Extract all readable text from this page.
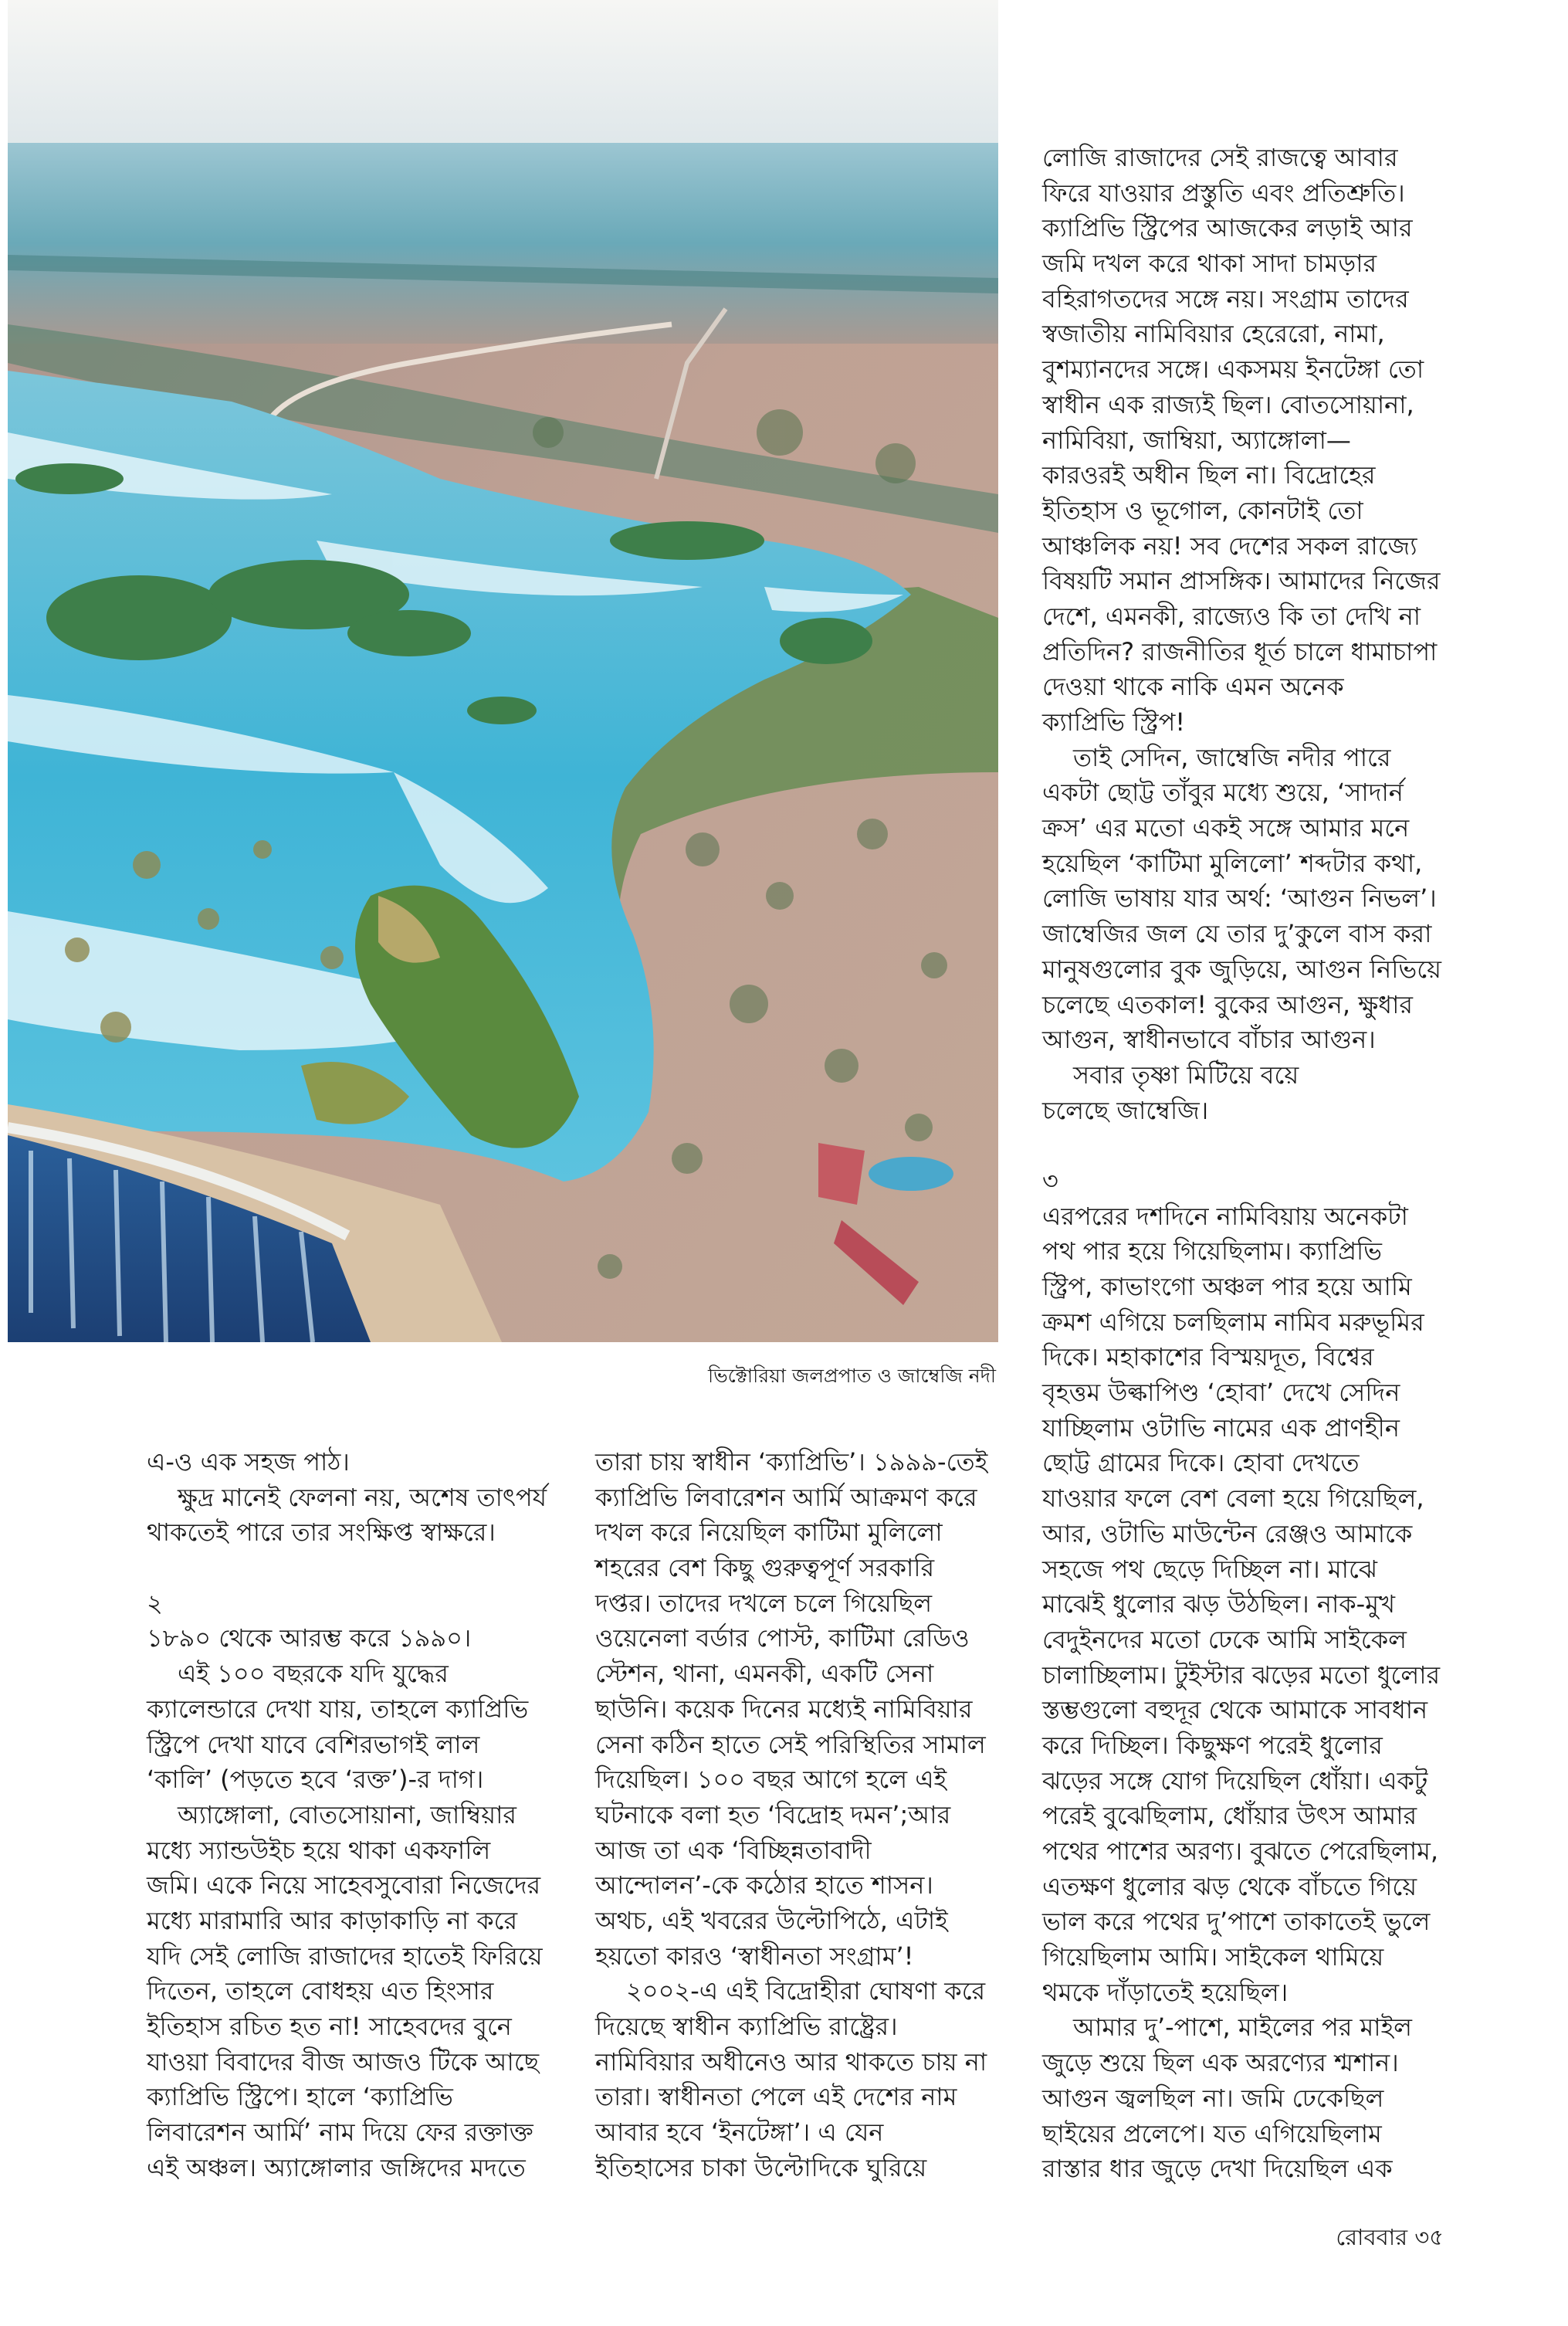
ভিক্টোরিয়া জলপ্রপাত ও জাম্বেজি নদী
এ-ও এক সহজ পাঠ।
ক্ষুদ্র মানেই ফেলনা নয়, অশেষ তাৎপর্য
থাকতেই পারে তার সংক্ষিপ্ত স্বাক্ষরে।
২
১৮৯০ থেকে আরম্ভ করে ১৯৯০।
এই ১০০ বছরকে যদি যুদ্ধের
ক্যালেন্ডারে দেখা যায়, তাহলে ক্যাপ্রিভি
স্ট্রিপে দেখা যাবে বেশিরভাগই লাল
‘কালি’ (পড়তে হবে ‘রক্ত’)-র দাগ।
অ্যাঙ্গোলা, বোতসোয়ানা, জাম্বিয়ার
মধ্যে স্যান্ডউইচ হয়ে থাকা একফালি
জমি। একে নিয়ে সাহেবসুবোরা নিজেদের
মধ্যে মারামারি আর কাড়াকাড়ি না করে
যদি সেই লোজি রাজাদের হাতেই ফিরিয়ে
দিতেন, তাহলে বোধহয় এত হিংসার
ইতিহাস রচিত হত না! সাহেবদের বুনে
যাওয়া বিবাদের বীজ আজও টিকে আছে
ক্যাপ্রিভি স্ট্রিপে। হালে ‘ক্যাপ্রিভি
লিবারেশন আর্মি’ নাম দিয়ে ফের রক্তাক্ত
এই অঞ্চল। অ্যাঙ্গোলার জঙ্গিদের মদতে
তারা চায় স্বাধীন ‘ক্যাপ্রিভি’। ১৯৯৯-তেই
ক্যাপ্রিভি লিবারেশন আর্মি আক্রমণ করে
দখল করে নিয়েছিল কাটিমা মুলিলো
শহরের বেশ কিছু গুরুত্বপূর্ণ সরকারি
দপ্তর। তাদের দখলে চলে গিয়েছিল
ওয়েনেলা বর্ডার পোস্ট, কাটিমা রেডিও
স্টেশন, থানা, এমনকী, একটি সেনা
ছাউনি। কয়েক দিনের মধ্যেই নামিবিয়ার
সেনা কঠিন হাতে সেই পরিস্থিতির সামাল
দিয়েছিল। ১০০ বছর আগে হলে এই
ঘটনাকে বলা হত ‘বিদ্রোহ দমন’;আর
আজ তা এক ‘বিচ্ছিন্নতাবাদী
আন্দোলন’-কে কঠোর হাতে শাসন।
অথচ, এই খবরের উল্টোপিঠে, এটাই
হয়তো কারও ‘স্বাধীনতা সংগ্রাম’!
২০০২-এ এই বিদ্রোহীরা ঘোষণা করে
দিয়েছে স্বাধীন ক্যাপ্রিভি রাষ্ট্রের।
নামিবিয়ার অধীনেও আর থাকতে চায় না
তারা। স্বাধীনতা পেলে এই দেশের নাম
আবার হবে ‘ইনটেঙ্গা’। এ যেন
ইতিহাসের চাকা উল্টোদিকে ঘুরিয়ে
লোজি রাজাদের সেই রাজত্বে আবার
ফিরে যাওয়ার প্রস্তুতি এবং প্রতিশ্রুতি।
ক্যাপ্রিভি স্ট্রিপের আজকের লড়াই আর
জমি দখল করে থাকা সাদা চামড়ার
বহিরাগতদের সঙ্গে নয়। সংগ্রাম তাদের
স্বজাতীয় নামিবিয়ার হেরেরো, নামা,
বুশম্যানদের সঙ্গে। একসময় ইনটেঙ্গা তো
স্বাধীন এক রাজ্যই ছিল। বোতসোয়ানা,
নামিবিয়া, জাম্বিয়া, অ্যাঙ্গোলা—
কারওরই অধীন ছিল না। বিদ্রোহের
ইতিহাস ও ভূগোল, কোনটাই তো
আঞ্চলিক নয়! সব দেশের সকল রাজ্যে
বিষয়টি সমান প্রাসঙ্গিক। আমাদের নিজের
দেশে, এমনকী, রাজ্যেও কি তা দেখি না
প্রতিদিন? রাজনীতির ধূর্ত চালে ধামাচাপা
দেওয়া থাকে নাকি এমন অনেক
ক্যাপ্রিভি স্ট্রিপ!
তাই সেদিন, জাম্বেজি নদীর পারে
একটা ছোট্ট তাঁবুর মধ্যে শুয়ে, ‘সাদার্ন
ক্রস’ এর মতো একই সঙ্গে আমার মনে
হয়েছিল ‘কাটিমা মুলিলো’ শব্দটার কথা,
লোজি ভাষায় যার অর্থ: ‘আগুন নিভল’।
জাম্বেজির জল যে তার দু’কুলে বাস করা
মানুষগুলোর বুক জুড়িয়ে, আগুন নিভিয়ে
চলেছে এতকাল! বুকের আগুন, ক্ষুধার
আগুন, স্বাধীনভাবে বাঁচার আগুন।
সবার তৃষ্ণা মিটিয়ে বয়ে
চলেছে জাম্বেজি।
৩
এরপরের দশদিনে নামিবিয়ায় অনেকটা
পথ পার হয়ে গিয়েছিলাম। ক্যাপ্রিভি
স্ট্রিপ, কাভাংগো অঞ্চল পার হয়ে আমি
ক্রমশ এগিয়ে চলছিলাম নামিব মরুভূমির
দিকে। মহাকাশের বিস্ময়দূত, বিশ্বের
বৃহত্তম উল্কাপিণ্ড ‘হোবা’ দেখে সেদিন
যাচ্ছিলাম ওটাভি নামের এক প্রাণহীন
ছোট্ট গ্রামের দিকে। হোবা দেখতে
যাওয়ার ফলে বেশ বেলা হয়ে গিয়েছিল,
আর, ওটাভি মাউন্টেন রেঞ্জও আমাকে
সহজে পথ ছেড়ে দিচ্ছিল না। মাঝে
মাঝেই ধুলোর ঝড় উঠছিল। নাক-মুখ
বেদুইনদের মতো ঢেকে আমি সাইকেল
চালাচ্ছিলাম। টুইস্টার ঝড়ের মতো ধুলোর
স্তম্ভগুলো বহুদূর থেকে আমাকে সাবধান
করে দিচ্ছিল। কিছুক্ষণ পরেই ধুলোর
ঝড়ের সঙ্গে যোগ দিয়েছিল ধোঁয়া। একটু
পরেই বুঝেছিলাম, ধোঁয়ার উৎস আমার
পথের পাশের অরণ্য। বুঝতে পেরেছিলাম,
এতক্ষণ ধুলোর ঝড় থেকে বাঁচতে গিয়ে
ভাল করে পথের দু’পাশে তাকাতেই ভুলে
গিয়েছিলাম আমি। সাইকেল থামিয়ে
থমকে দাঁড়াতেই হয়েছিল।
আমার দু’-পাশে, মাইলের পর মাইল
জুড়ে শুয়ে ছিল এক অরণ্যের শ্মশান।
আগুন জ্বলছিল না। জমি ঢেকেছিল
ছাইয়ের প্রলেপে। যত এগিয়েছিলাম
রাস্তার ধার জুড়ে দেখা দিয়েছিল এক
রোববার ৩৫
